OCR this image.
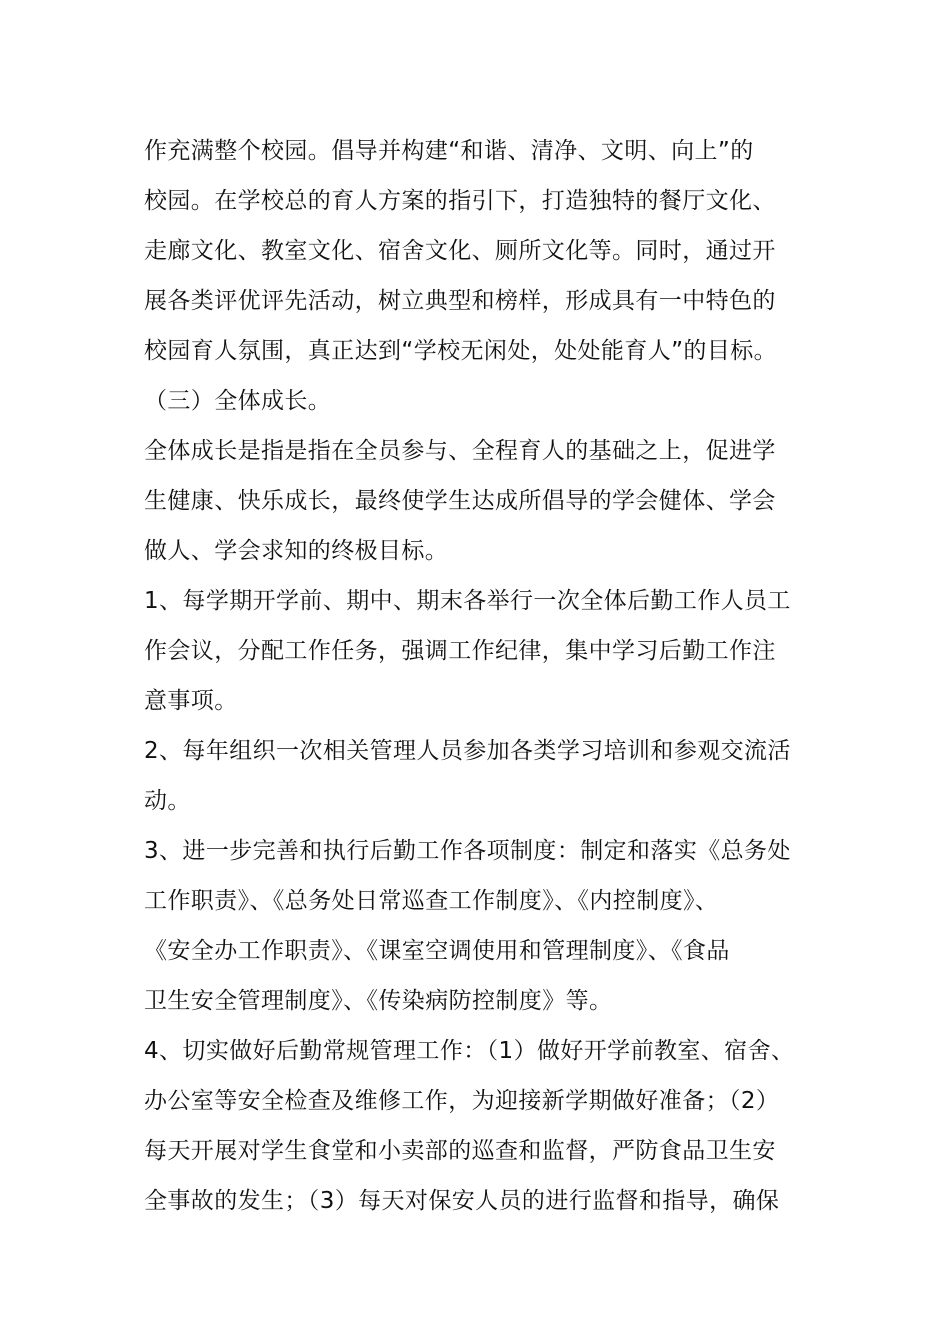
作充满整个校园。倡导并构建“和谐、清净、文明、向上”的
校园。在学校总的育人方案的指引下，打造独特的餐厅文化、
走廊文化、教室文化、宿舍文化、厕所文化等。同时，通过开
展各类评优评先活动，树立典型和榜样，形成具有一中特色的
校园育人氛围，真正达到“学校无闲处，处处能育人”的目标。
（三）全体成长。
全体成长是指是指在全员参与、全程育人的基础之上，促进学
生健康、快乐成长，最终使学生达成所倡导的学会健体、学会
做人、学会求知的终极目标。
1、每学期开学前、期中、期末各举行一次全体后勤工作人员工
作会议，分配工作任务，强调工作纪律，集中学习后勤工作注
意事项。
2、每年组织一次相关管理人员参加各类学习培训和参观交流活
动。
3、进一步完善和执行后勤工作各项制度：制定和落实《总务处
工作职责》、《总务处日常巡查工作制度》、《内控制度》、
《安全办工作职责》、《课室空调使用和管理制度》、《食品
卫生安全管理制度》、《传染病防控制度》等。
4、切实做好后勤常规管理工作：（1）做好开学前教室、宿舍、
办公室等安全检查及维修工作，为迎接新学期做好准备；（2）
每天开展对学生食堂和小卖部的巡查和监督，严防食品卫生安
全事故的发生；（3）每天对保安人员的进行监督和指导，确保
